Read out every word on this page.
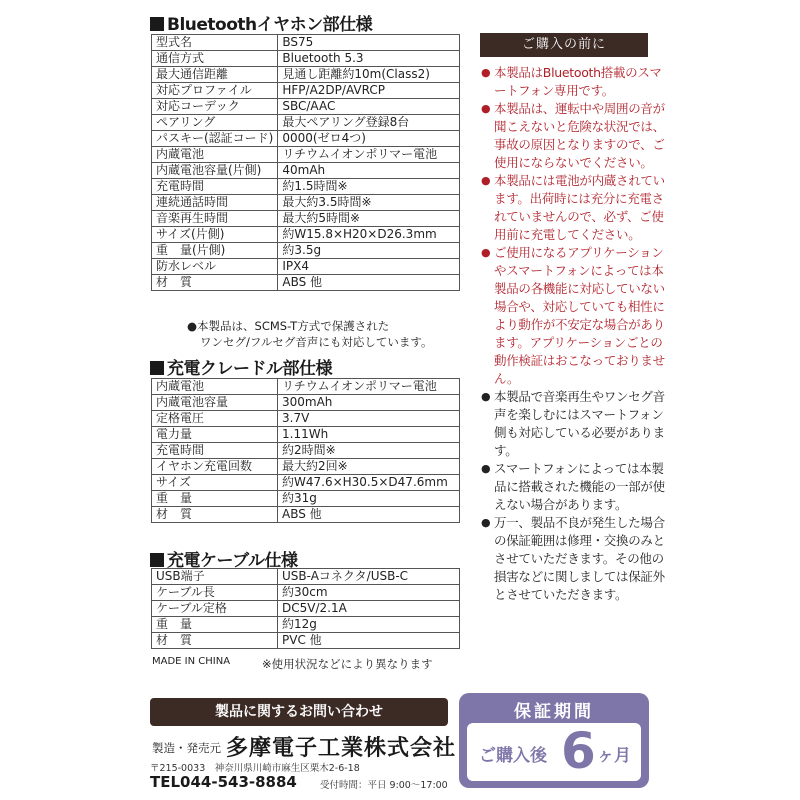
Bluetoothイヤホン部仕様
型式名	BS75
通信方式	Bluetooth 5.3
最大通信距離	見通し距離約10m(Class2)
対応プロファイル	HFP/A2DP/AVRCP
対応コーデック	SBC/AAC
ペアリング	最大ペアリング登録8台
パスキー(認証コード)	0000(ゼロ4つ)
内蔵電池	リチウムイオンポリマー電池
内蔵電池容量(片側)	40mAh
充電時間	約1.5時間※
連続通話時間	最大約3.5時間※
音楽再生時間	最大約5時間※
サイズ(片側)	約W15.8×H20×D26.3mm
重　量(片側)	約3.5g
防水レベル	IPX4
材　質	ABS 他
●本製品は、SCMS-T方式で保護された
ワンセグ/フルセグ音声にも対応しています。
充電クレードル部仕様
内蔵電池	リチウムイオンポリマー電池
内蔵電池容量	300mAh
定格電圧	3.7V
電力量	1.11Wh
充電時間	約2時間※
イヤホン充電回数	最大約2回※
サイズ	約W47.6×H30.5×D47.6mm
重　量	約31g
材　質	ABS 他
充電ケーブル仕様
USB端子	USB-Aコネクタ/USB-C
ケーブル長	約30cm
ケーブル定格	DC5V/2.1A
重　量	約12g
材　質	PVC 他
MADE IN CHINA	※使用状況などにより異なります
ご購入の前に
● 本製品はBluetooth搭載のスマートフォン専用です。
● 本製品は、運転中や周囲の音が聞こえないと危険な状況では、事故の原因となりますので、ご使用にならないでください。
● 本製品には電池が内蔵されています。出荷時には充分に充電されていませんので、必ず、ご使用前に充電してください。
● ご使用になるアプリケーションやスマートフォンによっては本製品の各機能に対応していない場合や、対応していても相性により動作が不安定な場合があります。アプリケーションごとの動作検証はおこなっておりません。
● 本製品で音楽再生やワンセグ音声を楽しむにはスマートフォン側も対応している必要があります。
● スマートフォンによっては本製品に搭載された機能の一部が使えない場合があります。
● 万一、製品不良が発生した場合の保証範囲は修理・交換のみとさせていただきます。その他の損害などに関しましては保証外とさせていただきます。
製品に関するお問い合わせ
製造・発売元 多摩電子工業株式会社
〒215-0033　神奈川県川崎市麻生区栗木2-6-18
TEL044-543-8884 受付時間：平日 9:00～17:00
保証期間
ご購入後 6 ヶ月
